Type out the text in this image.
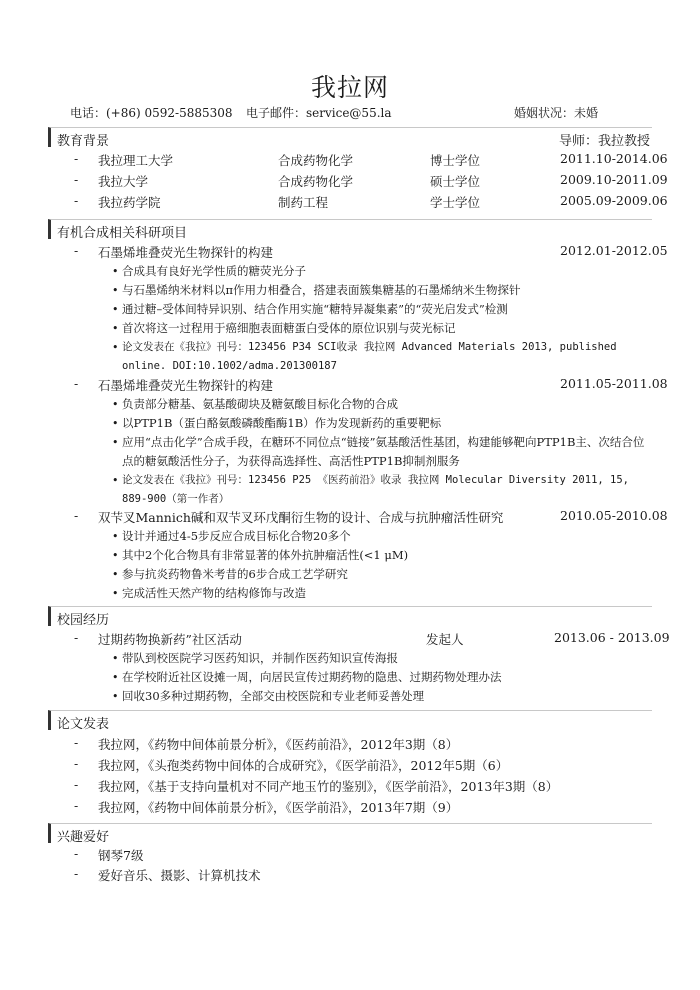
我拉网
电话：(+86) 0592-5885308 电子邮件：service@55.la	婚姻状况：未婚
教育背景	导师：我拉教授
- 我拉理工大学	合成药物化学	博士学位	2011.10-2014.06
- 我拉大学	合成药物化学	硕士学位	2009.10-2011.09
- 我拉药学院	制药工程	学士学位	2005.09-2009.06
有机合成相关科研项目
- 石墨烯堆叠荧光生物探针的构建	2012.01-2012.05
• 合成具有良好光学性质的糖荧光分子
• 与石墨烯纳米材料以π作用力相叠合，搭建表面簇集糖基的石墨烯纳米生物探针
• 通过糖–受体间特异识别、结合作用实施“糖特异凝集素”的“荧光启发式”检测
• 首次将这一过程用于癌细胞表面糖蛋白受体的原位识别与荧光标记
• 论文发表在《我拉》刊号：123456 P34 SCI收录 我拉网 Advanced Materials 2013, published online. DOI:10.1002/adma.201300187
- 石墨烯堆叠荧光生物探针的构建	2011.05-2011.08
• 负责部分糖基、氨基酸砌块及糖氨酸目标化合物的合成
• 以PTP1B（蛋白酪氨酸磷酸酯酶1B）作为发现新药的重要靶标
• 应用“点击化学”合成手段，在糖环不同位点“链接”氨基酸活性基团，构建能够靶向PTP1B主、次结合位点的糖氨酸活性分子，为获得高选择性、高活性PTP1B抑制剂服务
• 论文发表在《我拉》刊号：123456 P25 《医药前沿》收录 我拉网 Molecular Diversity 2011, 15, 889-900（第一作者）
- 双芐叉Mannich碱和双芐叉环戊酮衍生物的设计、合成与抗肿瘤活性研究	2010.05-2010.08
• 设计并通过4-5步反应合成目标化合物20多个
• 其中2个化合物具有非常显著的体外抗肿瘤活性(<1 μM)
• 参与抗炎药物鲁米考昔的6步合成工艺学研究
• 完成活性天然产物的结构修饰与改造
校园经历
- 过期药物换新药”社区活动	发起人	2013.06 - 2013.09
• 带队到校医院学习医药知识，并制作医药知识宣传海报
• 在学校附近社区设摊一周，向居民宣传过期药物的隐患、过期药物处理办法
• 回收30多种过期药物，全部交由校医院和专业老师妥善处理
论文发表
- 我拉网，《药物中间体前景分析》，《医药前沿》，2012年3期（8）
- 我拉网，《头孢类药物中间体的合成研究》，《医学前沿》，2012年5期（6）
- 我拉网，《基于支持向量机对不同产地玉竹的鉴别》，《医学前沿》，2013年3期（8）
- 我拉网，《药物中间体前景分析》，《医学前沿》，2013年7期（9）
兴趣爱好
- 钢琴7级
- 爱好音乐、摄影、计算机技术
